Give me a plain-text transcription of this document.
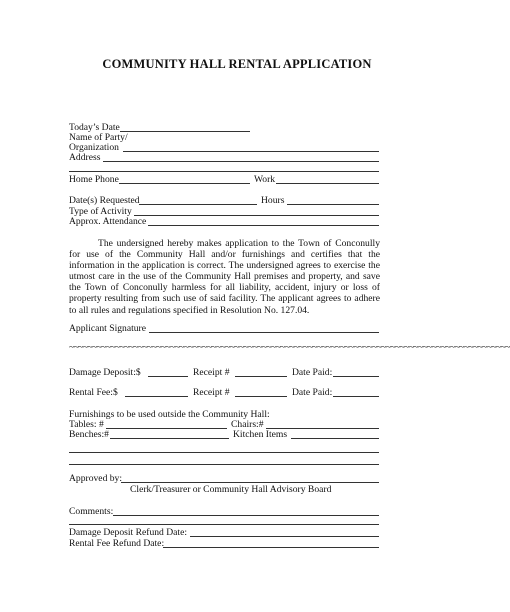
COMMUNITY HALL RENTAL APPLICATION
Today’s Date
Name of Party/
Organization
Address
Home Phone	Work
Date(s) Requested	Hours
Type of Activity
Approx. Attendance

The undersigned hereby makes application to the Town of Conconully for use of the Community Hall and/or furnishings and certifies that the information in the application is correct. The undersigned agrees to exercise the utmost care in the use of the Community Hall premises and property, and save the Town of Conconully harmless for all liability, accident, injury or loss of property resulting from such use of said facility. The applicant agrees to adhere to all rules and regulations specified in Resolution No. 127.04.

Applicant Signature
~~~~~~~~~~~~~~~~~~~~~~~~~~~~~~~~~~~~~~~~~~~~~~~~~~~~~~~~~~~~~~~~~~~~~~~~~~~~~~~~~~~~~~~~~~~~~~~~
Damage Deposit:$	Receipt #	Date Paid:
Rental Fee:$	Receipt #	Date Paid:
Furnishings to be used outside the Community Hall:
Tables: #	Chairs:#
Benches:#	Kitchen Items
Approved by:
Clerk/Treasurer or Community Hall Advisory Board
Comments:
Damage Deposit Refund Date:
Rental Fee Refund Date:
